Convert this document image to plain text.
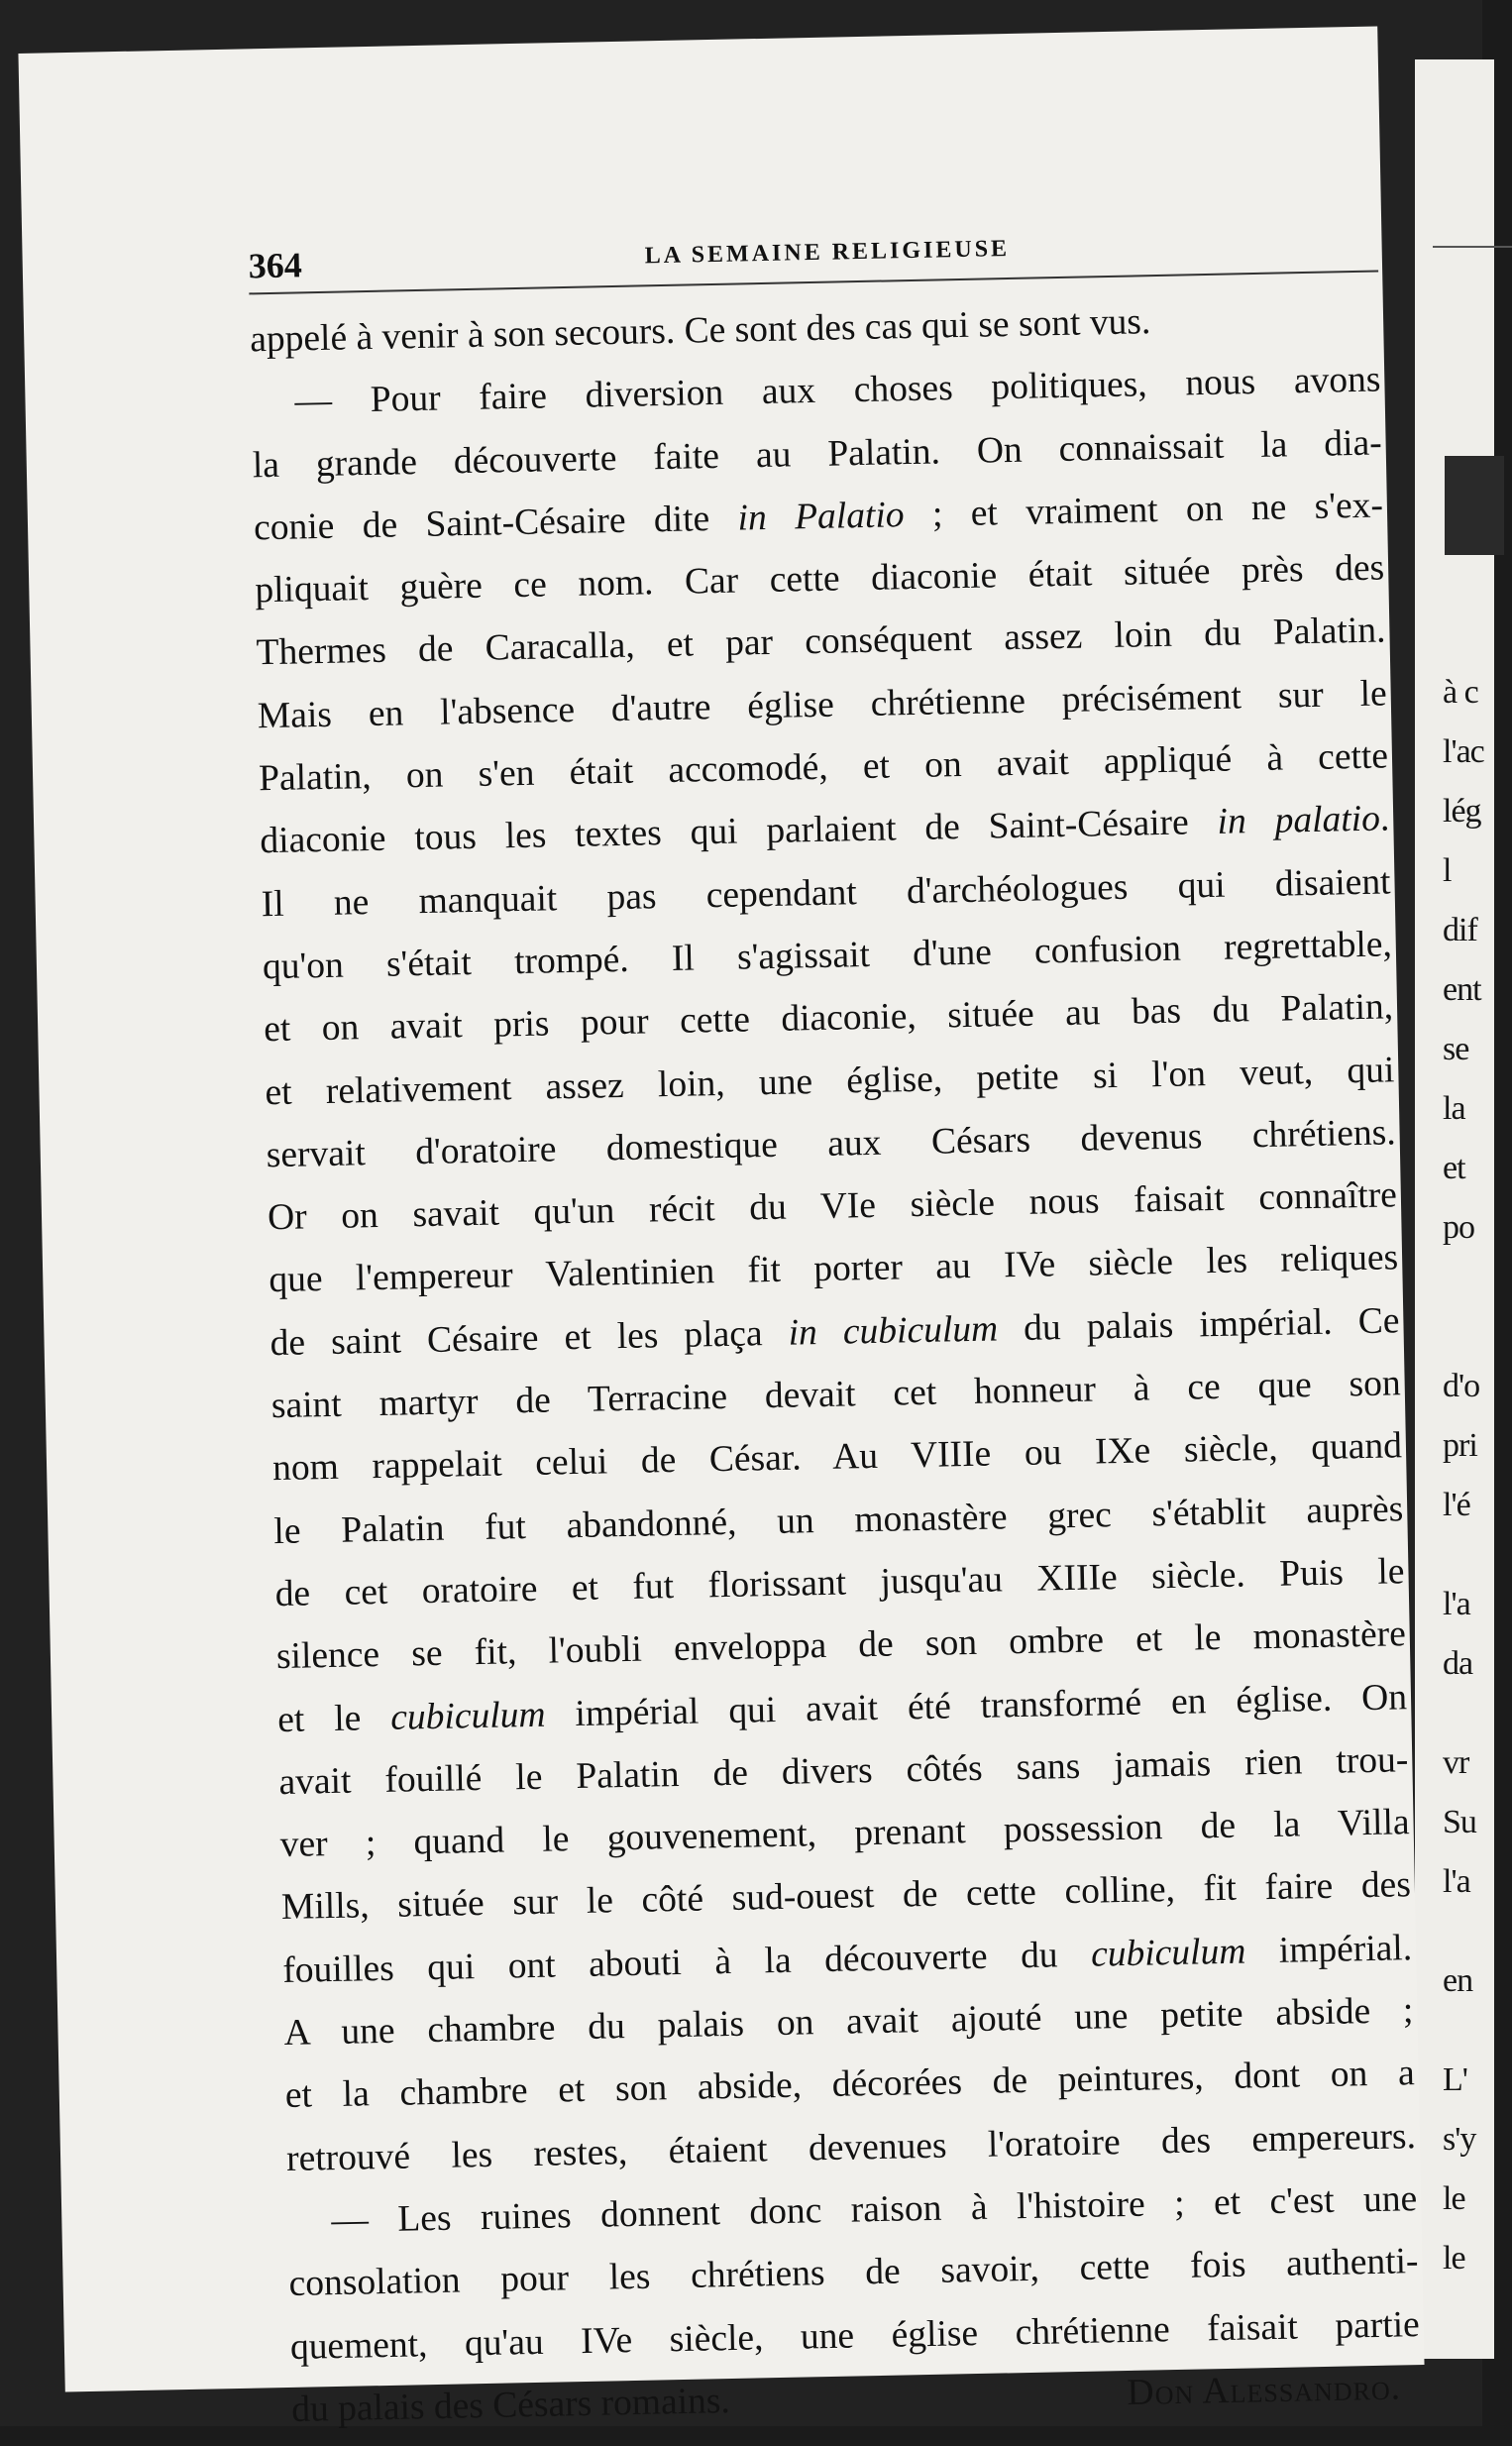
à c
l'ac
lég
l
dif
ent
se
la
et
po
d'o
pri
l'é
l'a
da
vr
Su
l'a
en
L'
s'y
le
le
364	LA SEMAINE RELIGIEUSE
appelé à venir à son secours. Ce sont des cas qui se sont vus.
— Pour faire diversion aux choses politiques, nous avons
la grande découverte faite au Palatin. On connaissait la dia-
conie de Saint-Césaire dite in Palatio ; et vraiment on ne s'ex-
pliquait guère ce nom. Car cette diaconie était située près des
Thermes de Caracalla, et par conséquent assez loin du Palatin.
Mais en l'absence d'autre église chrétienne précisément sur le
Palatin, on s'en était accomodé, et on avait appliqué à cette
diaconie tous les textes qui parlaient de Saint-Césaire in palatio.
Il ne manquait pas cependant d'archéologues qui disaient
qu'on s'était trompé. Il s'agissait d'une confusion regrettable,
et on avait pris pour cette diaconie, située au bas du Palatin,
et relativement assez loin, une église, petite si l'on veut, qui
servait d'oratoire domestique aux Césars devenus chrétiens.
Or on savait qu'un récit du VIe siècle nous faisait connaître
que l'empereur Valentinien fit porter au IVe siècle les reliques
de saint Césaire et les plaça in cubiculum du palais impérial. Ce
saint martyr de Terracine devait cet honneur à ce que son
nom rappelait celui de César. Au VIIIe ou IXe siècle, quand
le Palatin fut abandonné, un monastère grec s'établit auprès
de cet oratoire et fut florissant jusqu'au XIIIe siècle. Puis le
silence se fit, l'oubli enveloppa de son ombre et le monastère
et le cubiculum impérial qui avait été transformé en église. On
avait fouillé le Palatin de divers côtés sans jamais rien trou-
ver ; quand le gouvenement, prenant possession de la Villa
Mills, située sur le côté sud-ouest de cette colline, fit faire des
fouilles qui ont abouti à la découverte du cubiculum impérial.
A une chambre du palais on avait ajouté une petite abside ;
et la chambre et son abside, décorées de peintures, dont on a
retrouvé les restes, étaient devenues l'oratoire des empereurs.
— Les ruines donnent donc raison à l'histoire ; et c'est une
consolation pour les chrétiens de savoir, cette fois authenti-
quement, qu'au IVe siècle, une église chrétienne faisait partie
du palais des Césars romains.	Don Alessandro.
